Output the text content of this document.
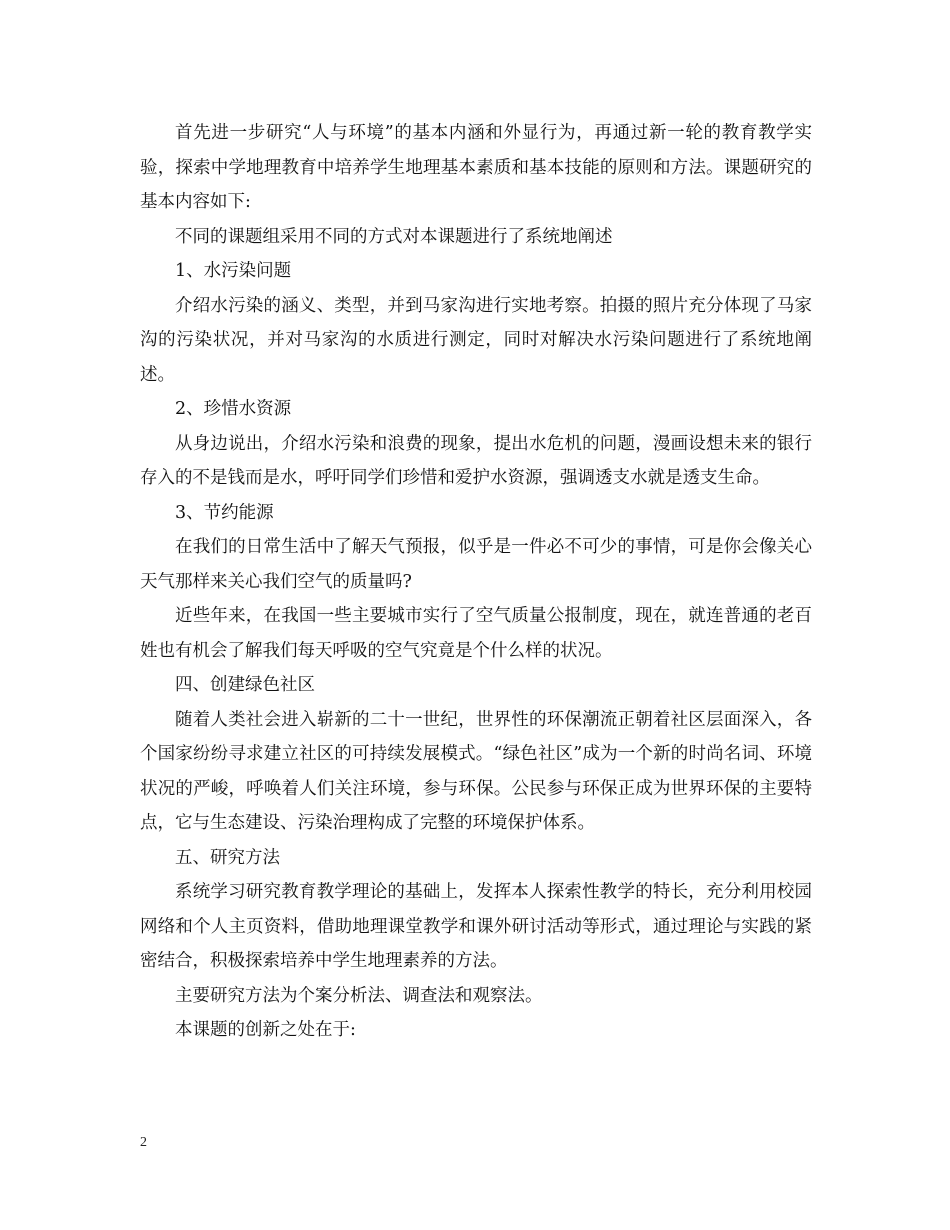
首先进一步研究“人与环境”的基本内涵和外显行为，再通过新一轮的教育教学实验，探索中学地理教育中培养学生地理基本素质和基本技能的原则和方法。课题研究的基本内容如下:

不同的课题组采用不同的方式对本课题进行了系统地阐述

1、水污染问题

介绍水污染的涵义、类型，并到马家沟进行实地考察。拍摄的照片充分体现了马家沟的污染状况，并对马家沟的水质进行测定，同时对解决水污染问题进行了系统地阐述。

2、珍惜水资源

从身边说出，介绍水污染和浪费的现象，提出水危机的问题，漫画设想未来的银行存入的不是钱而是水，呼吁同学们珍惜和爱护水资源，强调透支水就是透支生命。

3、节约能源

在我们的日常生活中了解天气预报，似乎是一件必不可少的事情，可是你会像关心天气那样来关心我们空气的质量吗?

近些年来，在我国一些主要城市实行了空气质量公报制度，现在，就连普通的老百姓也有机会了解我们每天呼吸的空气究竟是个什么样的状况。

四、创建绿色社区

随着人类社会进入崭新的二十一世纪，世界性的环保潮流正朝着社区层面深入，各个国家纷纷寻求建立社区的可持续发展模式。“绿色社区”成为一个新的时尚名词、环境状况的严峻，呼唤着人们关注环境，参与环保。公民参与环保正成为世界环保的主要特点，它与生态建设、污染治理构成了完整的环境保护体系。

五、研究方法

系统学习研究教育教学理论的基础上，发挥本人探索性教学的特长，充分利用校园网络和个人主页资料，借助地理课堂教学和课外研讨活动等形式，通过理论与实践的紧密结合，积极探索培养中学生地理素养的方法。

主要研究方法为个案分析法、调查法和观察法。

本课题的创新之处在于:

2
